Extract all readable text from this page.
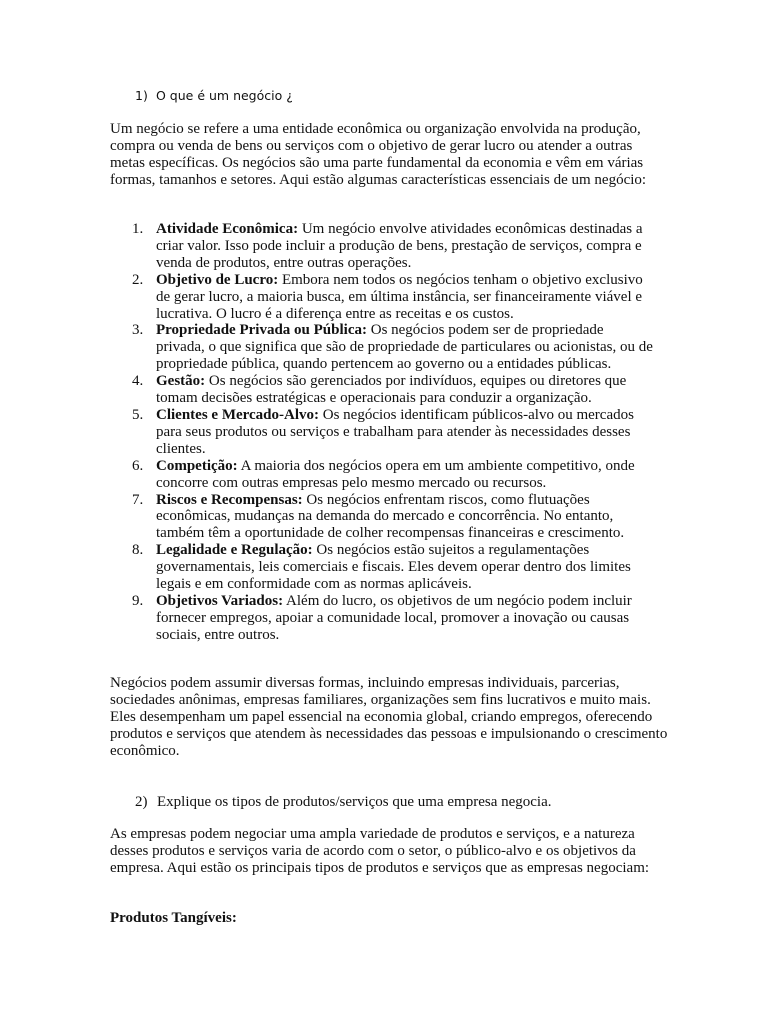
1) O que é um negócio ¿

Um negócio se refere a uma entidade econômica ou organização envolvida na produção, compra ou venda de bens ou serviços com o objetivo de gerar lucro ou atender a outras metas específicas. Os negócios são uma parte fundamental da economia e vêm em várias formas, tamanhos e setores. Aqui estão algumas características essenciais de um negócio:

1. Atividade Econômica: Um negócio envolve atividades econômicas destinadas a criar valor. Isso pode incluir a produção de bens, prestação de serviços, compra e venda de produtos, entre outras operações.
2. Objetivo de Lucro: Embora nem todos os negócios tenham o objetivo exclusivo de gerar lucro, a maioria busca, em última instância, ser financeiramente viável e lucrativa. O lucro é a diferença entre as receitas e os custos.
3. Propriedade Privada ou Pública: Os negócios podem ser de propriedade privada, o que significa que são de propriedade de particulares ou acionistas, ou de propriedade pública, quando pertencem ao governo ou a entidades públicas.
4. Gestão: Os negócios são gerenciados por indivíduos, equipes ou diretores que tomam decisões estratégicas e operacionais para conduzir a organização.
5. Clientes e Mercado-Alvo: Os negócios identificam públicos-alvo ou mercados para seus produtos ou serviços e trabalham para atender às necessidades desses clientes.
6. Competição: A maioria dos negócios opera em um ambiente competitivo, onde concorre com outras empresas pelo mesmo mercado ou recursos.
7. Riscos e Recompensas: Os negócios enfrentam riscos, como flutuações econômicas, mudanças na demanda do mercado e concorrência. No entanto, também têm a oportunidade de colher recompensas financeiras e crescimento.
8. Legalidade e Regulação: Os negócios estão sujeitos a regulamentações governamentais, leis comerciais e fiscais. Eles devem operar dentro dos limites legais e em conformidade com as normas aplicáveis.
9. Objetivos Variados: Além do lucro, os objetivos de um negócio podem incluir fornecer empregos, apoiar a comunidade local, promover a inovação ou causas sociais, entre outros.

Negócios podem assumir diversas formas, incluindo empresas individuais, parcerias, sociedades anônimas, empresas familiares, organizações sem fins lucrativos e muito mais. Eles desempenham um papel essencial na economia global, criando empregos, oferecendo produtos e serviços que atendem às necessidades das pessoas e impulsionando o crescimento econômico.

2) Explique os tipos de produtos/serviços que uma empresa negocia.

As empresas podem negociar uma ampla variedade de produtos e serviços, e a natureza desses produtos e serviços varia de acordo com o setor, o público-alvo e os objetivos da empresa. Aqui estão os principais tipos de produtos e serviços que as empresas negociam:

Produtos Tangíveis:
